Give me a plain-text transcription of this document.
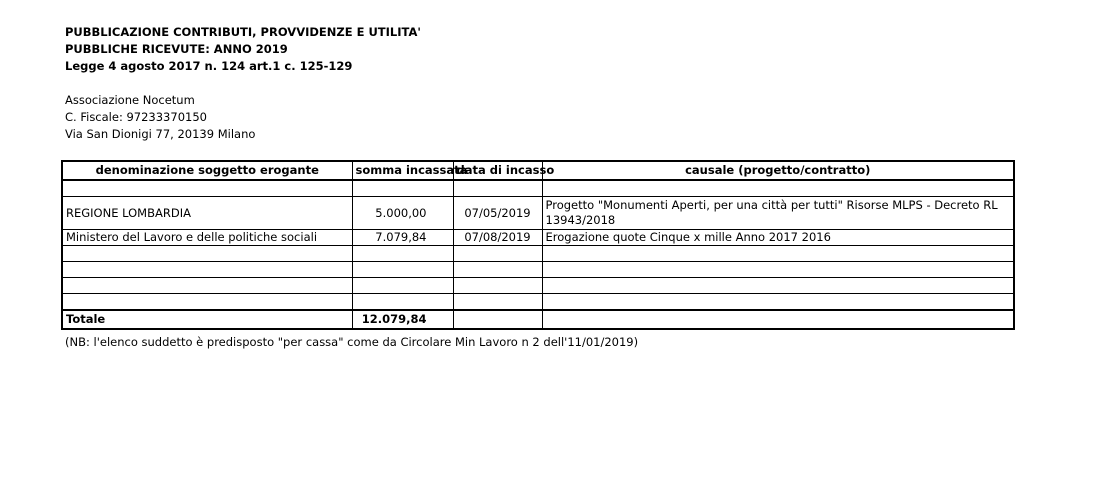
PUBBLICAZIONE CONTRIBUTI, PROVVIDENZE E UTILITA'
PUBBLICHE RICEVUTE: ANNO 2019
Legge 4 agosto 2017 n. 124 art.1 c. 125-129
Associazione Nocetum
C. Fiscale: 97233370150
Via San Dionigi 77, 20139 Milano
denominazione soggetto erogante	somma incassata	data di incasso	causale (progetto/contratto)

REGIONE LOMBARDIA	5.000,00	07/05/2019	Progetto "Monumenti Aperti, per una città per tutti" Risorse MLPS - Decreto RL 13943/2018
Ministero del Lavoro e delle politiche sociali	7.079,84	07/08/2019	Erogazione quote Cinque x mille Anno 2017 2016

Totale	12.079,84		
(NB: l'elenco suddetto è predisposto "per cassa" come da Circolare Min Lavoro n 2 dell'11/01/2019)
